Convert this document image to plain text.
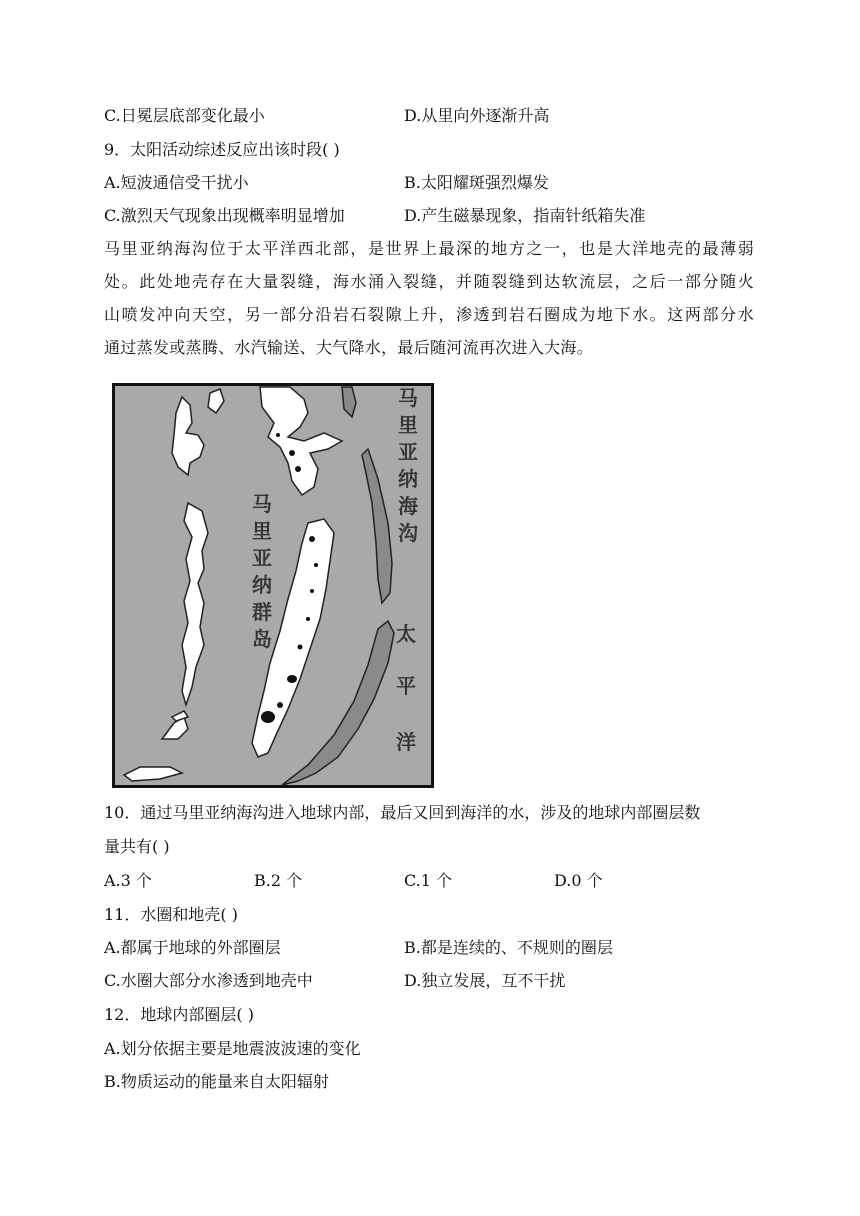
C.日冕层底部变化最小	D.从里向外逐渐升高
9．太阳活动综述反应出该时段( )
A.短波通信受干扰小	B.太阳耀斑强烈爆发
C.激烈天气现象出现概率明显增加	D.产生磁暴现象，指南针纸箱失准
马里亚纳海沟位于太平洋西北部，是世界上最深的地方之一，也是大洋地壳的最薄弱
处。此处地壳存在大量裂缝，海水涌入裂缝，并随裂缝到达软流层，之后一部分随火
山喷发冲向天空，另一部分沿岩石裂隙上升，渗透到岩石圈成为地下水。这两部分水
通过蒸发或蒸腾、水汽输送、大气降水，最后随河流再次进入大海。
马
里
亚
纳
海
沟
马
里
亚
纳
群
岛	太
平
洋
10．通过马里亚纳海沟进入地球内部，最后又回到海洋的水，涉及的地球内部圈层数
量共有( )
A.3 个	B.2 个	C.1 个	D.0 个
11．水圈和地壳( )
A.都属于地球的外部圈层	B.都是连续的、不规则的圈层
C.水圈大部分水渗透到地壳中	D.独立发展，互不干扰
12．地球内部圈层( )
A.划分依据主要是地震波波速的变化
B.物质运动的能量来自太阳辐射
